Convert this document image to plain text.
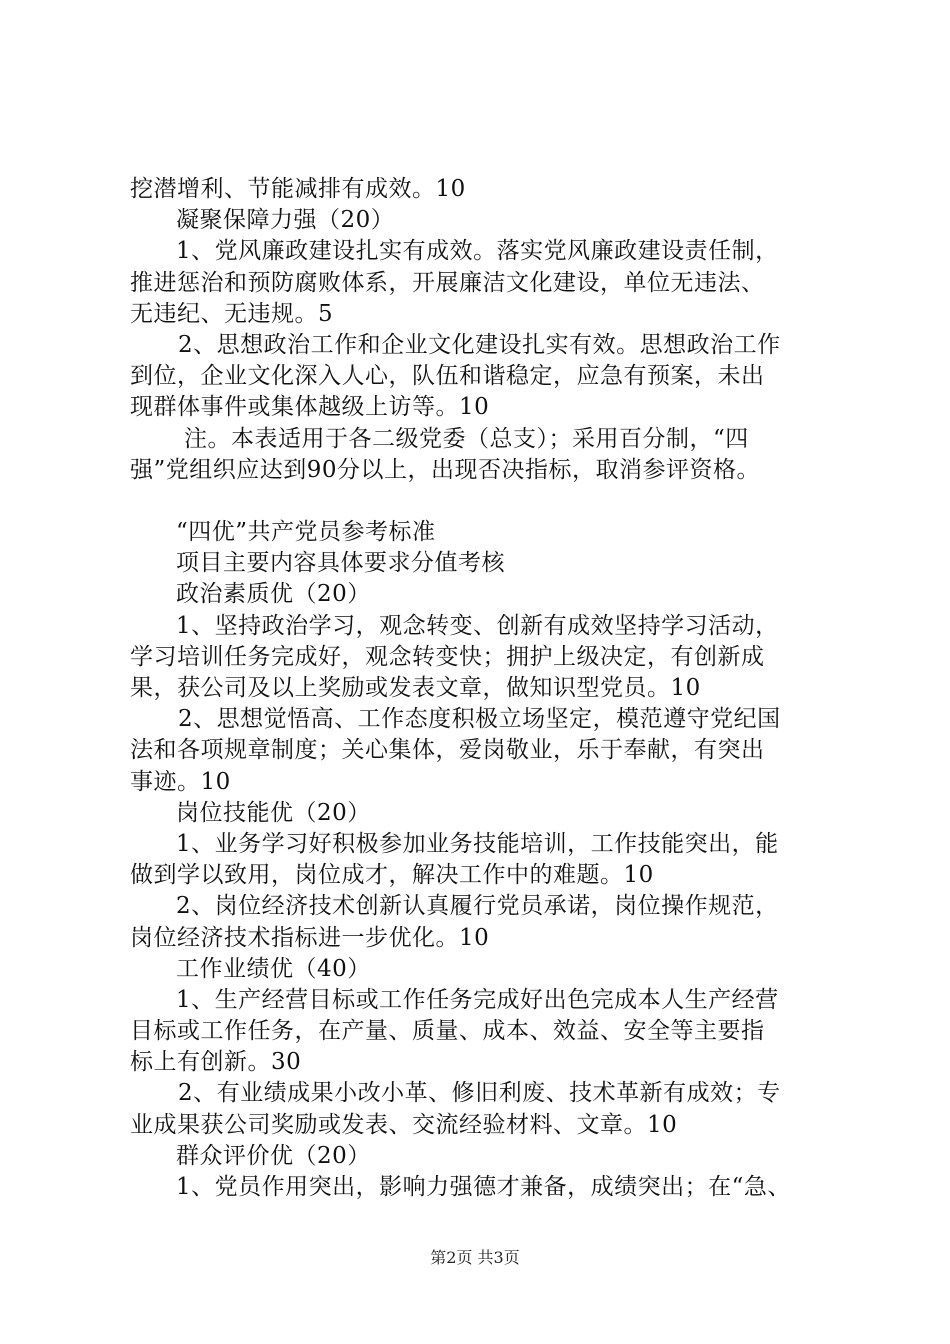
挖潜增利、节能减排有成效。10
凝聚保障力强（20）
1、党风廉政建设扎实有成效。落实党风廉政建设责任制，
推进惩治和预防腐败体系，开展廉洁文化建设，单位无违法、
无违纪、无违规。5
2、思想政治工作和企业文化建设扎实有效。思想政治工作
到位，企业文化深入人心，队伍和谐稳定，应急有预案，未出
现群体事件或集体越级上访等。10
注。本表适用于各二级党委（总支）；采用百分制，“四
强”党组织应达到90分以上，出现否决指标，取消参评资格。
“四优”共产党员参考标准
项目主要内容具体要求分值考核
政治素质优（20）
1、坚持政治学习，观念转变、创新有成效坚持学习活动，
学习培训任务完成好，观念转变快；拥护上级决定，有创新成
果，获公司及以上奖励或发表文章，做知识型党员。10
2、思想觉悟高、工作态度积极立场坚定，模范遵守党纪国
法和各项规章制度；关心集体，爱岗敬业，乐于奉献，有突出
事迹。10
岗位技能优（20）
1、业务学习好积极参加业务技能培训，工作技能突出，能
做到学以致用，岗位成才，解决工作中的难题。10
2、岗位经济技术创新认真履行党员承诺，岗位操作规范，
岗位经济技术指标进一步优化。10
工作业绩优（40）
1、生产经营目标或工作任务完成好出色完成本人生产经营
目标或工作任务，在产量、质量、成本、效益、安全等主要指
标上有创新。30
2、有业绩成果小改小革、修旧利废、技术革新有成效；专
业成果获公司奖励或发表、交流经验材料、文章。10
群众评价优（20）
1、党员作用突出，影响力强德才兼备，成绩突出；在“急、
第2页 共3页
